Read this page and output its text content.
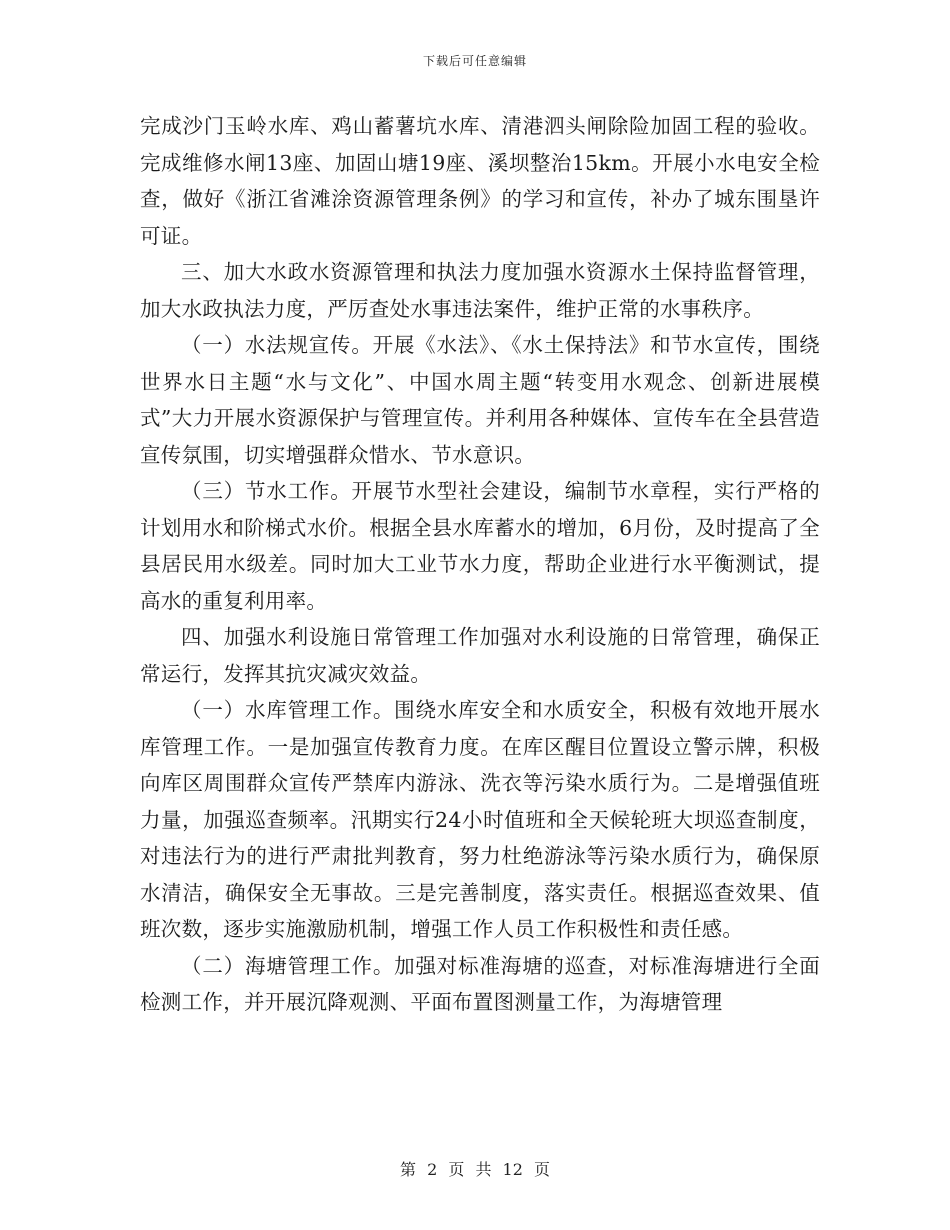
下载后可任意编辑

完成沙门玉岭水库、鸡山蓄薯坑水库、清港泗头闸除险加固工程的验收。完成维修水闸13座、加固山塘19座、溪坝整治15km。开展小水电安全检查，做好《浙江省滩涂资源管理条例》的学习和宣传，补办了城东围垦许可证。

三、加大水政水资源管理和执法力度加强水资源水土保持监督管理，加大水政执法力度，严厉查处水事违法案件，维护正常的水事秩序。

（一）水法规宣传。开展《水法》、《水土保持法》和节水宣传，围绕世界水日主题“水与文化”、中国水周主题“转变用水观念、创新进展模式”大力开展水资源保护与管理宣传。并利用各种媒体、宣传车在全县营造宣传氛围，切实增强群众惜水、节水意识。

（三）节水工作。开展节水型社会建设，编制节水章程，实行严格的计划用水和阶梯式水价。根据全县水库蓄水的增加，6月份，及时提高了全县居民用水级差。同时加大工业节水力度，帮助企业进行水平衡测试，提高水的重复利用率。

四、加强水利设施日常管理工作加强对水利设施的日常管理，确保正常运行，发挥其抗灾减灾效益。

（一）水库管理工作。围绕水库安全和水质安全，积极有效地开展水库管理工作。一是加强宣传教育力度。在库区醒目位置设立警示牌，积极向库区周围群众宣传严禁库内游泳、洗衣等污染水质行为。二是增强值班力量，加强巡查频率。汛期实行24小时值班和全天候轮班大坝巡查制度，对违法行为的进行严肃批判教育，努力杜绝游泳等污染水质行为，确保原水清洁，确保安全无事故。三是完善制度，落实责任。根据巡查效果、值班次数，逐步实施激励机制，增强工作人员工作积极性和责任感。

（二）海塘管理工作。加强对标准海塘的巡查，对标准海塘进行全面检测工作，并开展沉降观测、平面布置图测量工作，为海塘管理

第 2 页 共 12 页
